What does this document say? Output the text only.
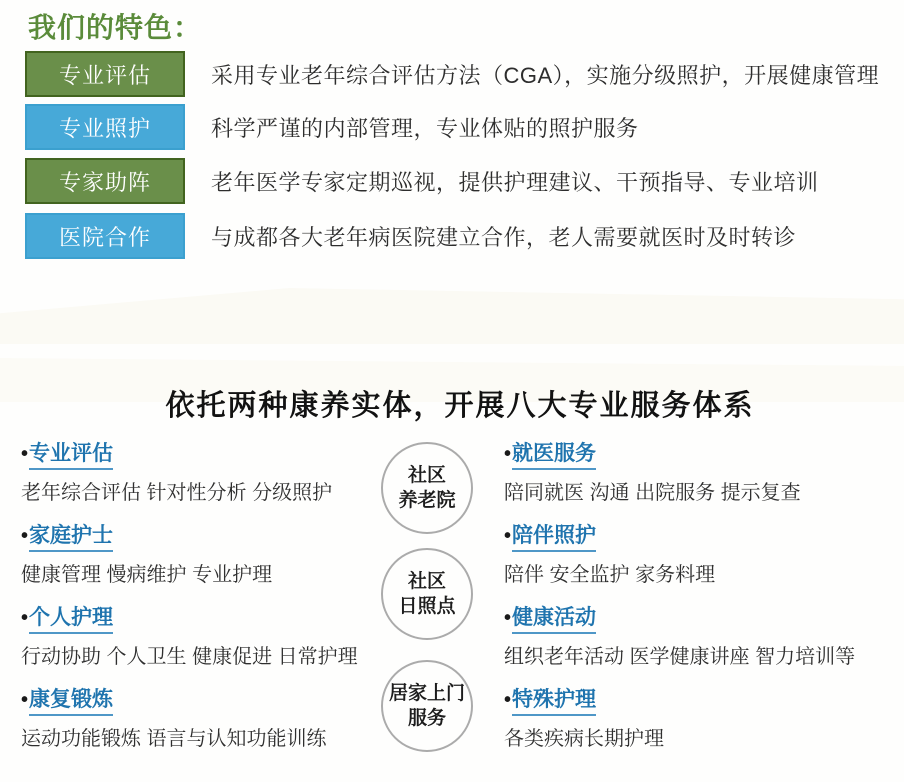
我们的特色：
专业评估	采用专业老年综合评估方法（CGA），实施分级照护，开展健康管理
专业照护	科学严谨的内部管理，专业体贴的照护服务
专家助阵	老年医学专家定期巡视，提供护理建议、干预指导、专业培训
医院合作	与成都各大老年病医院建立合作，老人需要就医时及时转诊
依托两种康养实体，开展八大专业服务体系
• 专业评估
老年综合评估 针对性分析 分级照护
• 家庭护士
健康管理 慢病维护 专业护理
• 个人护理
行动协助 个人卫生 健康促进 日常护理
• 康复锻炼
运动功能锻炼 语言与认知功能训练
社区
养老院
社区
日照点
居家上门
服务
• 就医服务
陪同就医 沟通 出院服务 提示复查
• 陪伴照护
陪伴 安全监护 家务料理
• 健康活动
组织老年活动 医学健康讲座 智力培训等
• 特殊护理
各类疾病长期护理
